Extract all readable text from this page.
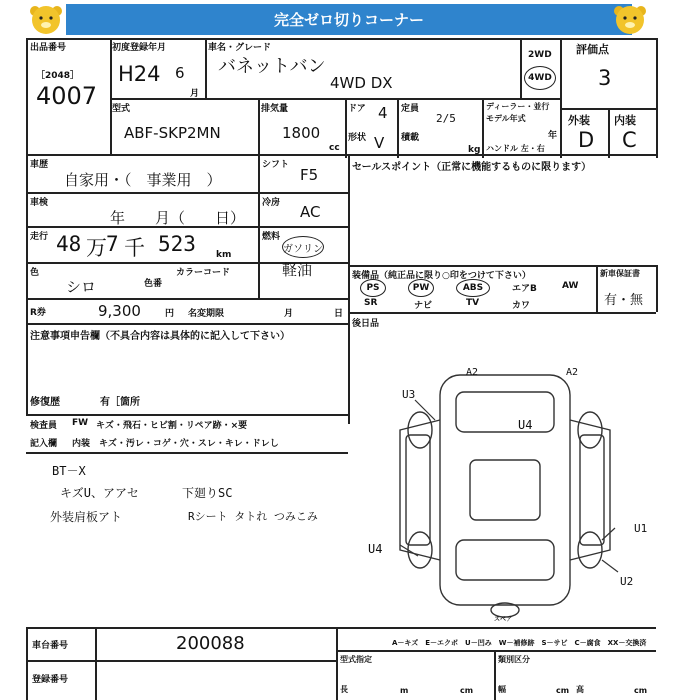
完全ゼロ切りコーナー
出品番号
［2048］
4007
初度登録年月
H24 6
月
車名・グレード
バネットバン
4WD DX
2WD
4WD
評価点
3
外装 内装
D C
型式
ABF-SKP2MN
排気量
1800
cc
ドア 4
形状 V
定員
2/5
積載
kg
ディーラー・並行
モデル年式
年
ハンドル 左・右
車歴
自家用・（　事業用　）
車検
年　　月（　　日）
走行 48 万 7 千 523 km
色
シロ	色番
カラーコード
R券	9,300	円 名変期限	月	日
シフト
F5
冷房 AC
燃料
ガソリン
軽油
セールスポイント（正常に機能するものに限ります）
装備品（純正品に限り○印をつけて下さい）	新車保証書
有・無
PS	PW	ABS	エアB	AW
SR	ナビ	TV	カワ
後日品
注意事項申告欄（不具合内容は具体的に記入して下さい）
修復歴	有［箇所
検査員
記入欄
FW キズ・飛石・ヒビ割・リペア跡・×要
内装　キズ・汚レ・コゲ・穴・スレ・キレ・ドレし
BT－X
キズU、アアセ
外装肩板アト
下廻りSC
Rシート タトれ つみこみ
A2	A2
U3
U4
U1
U4
U2
スペア
A－キズ　E－エクボ　U－凹み　W－補修跡　S－サビ　C－腐食　XX－交換済
車台番号	200088
登録番号
型式指定	類別区分
長	m	cm	幅	cm 高	cm
